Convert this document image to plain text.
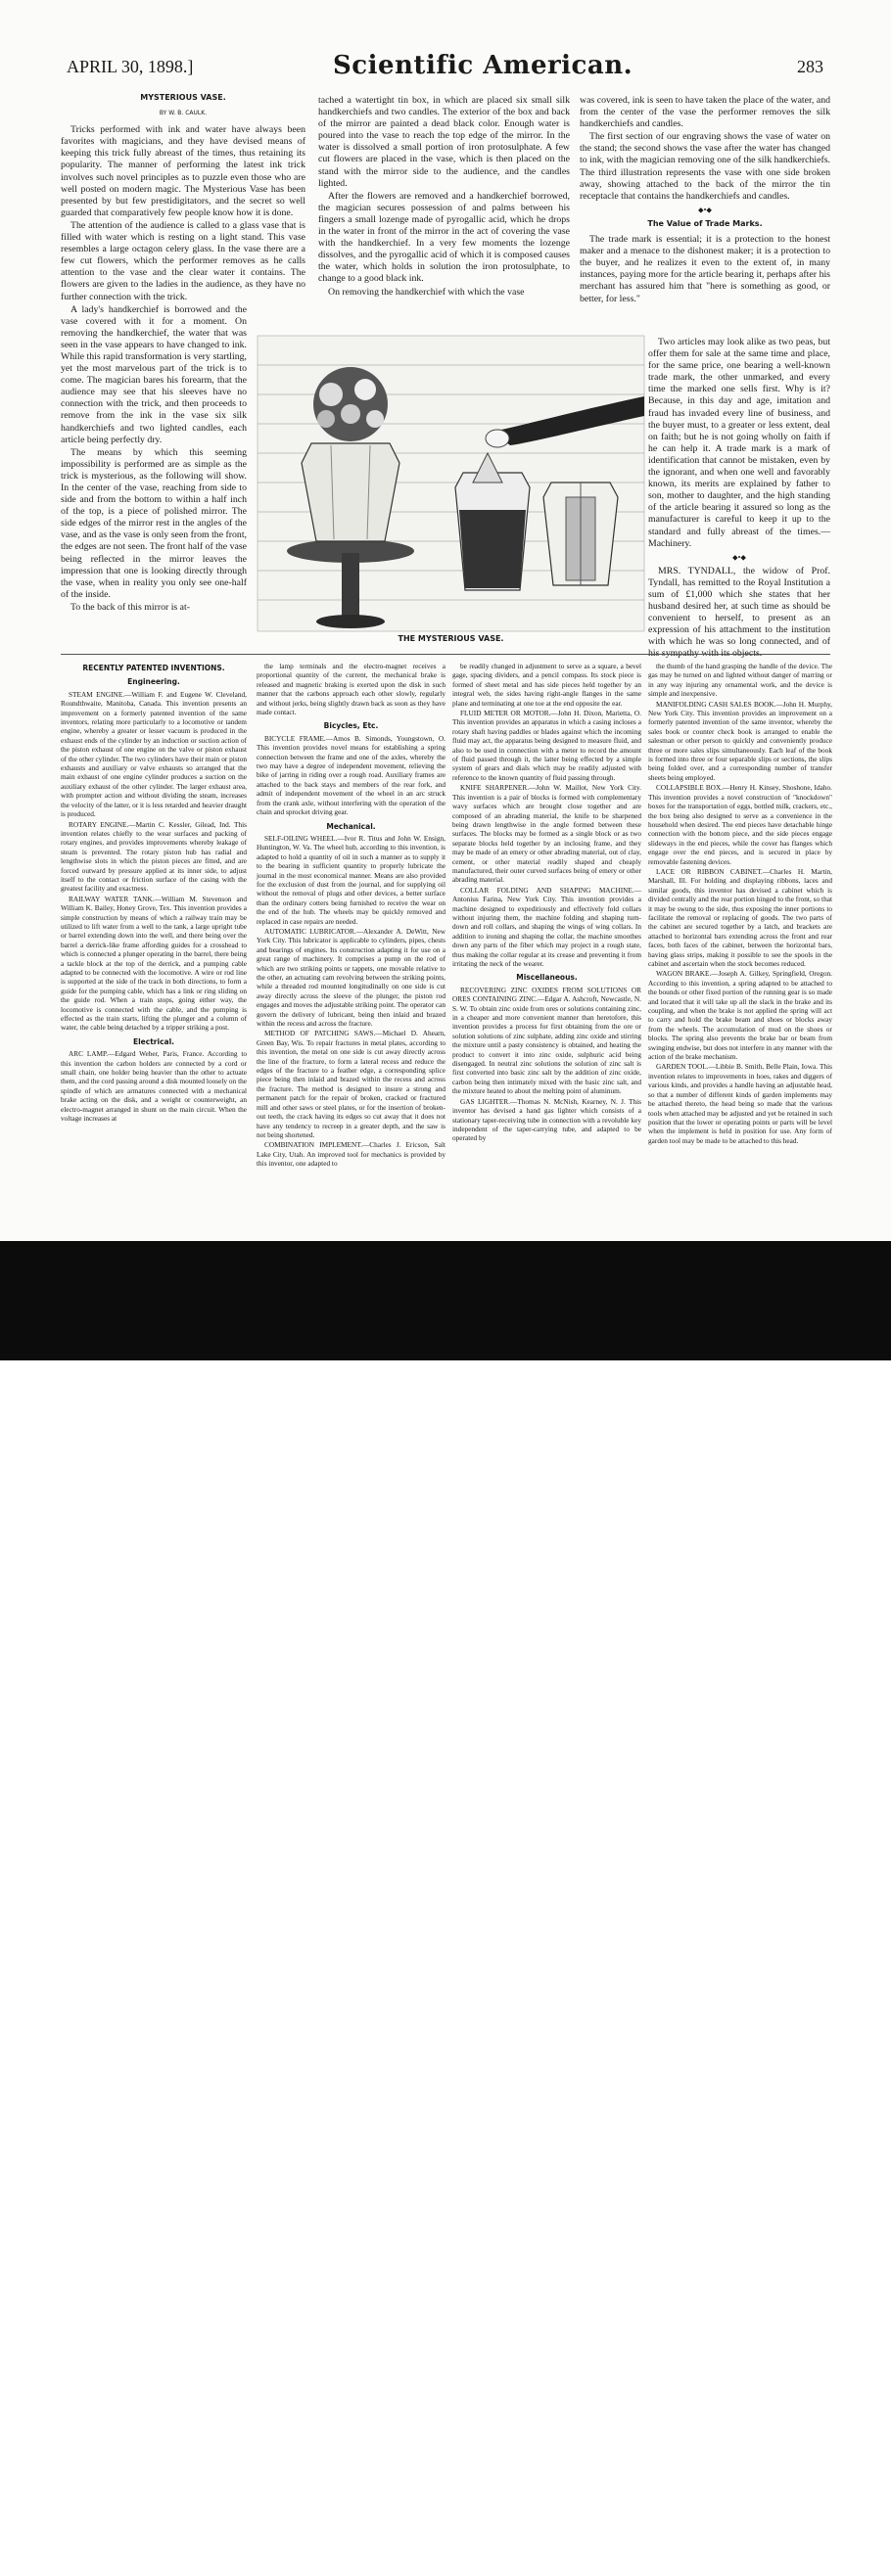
APRIL 30, 1898.]	Scientific American.	283
MYSTERIOUS VASE.
BY W. B. CAULK.

Tricks performed with ink and water have always been favorites with magicians, and they have devised means of keeping this trick fully abreast of the times, thus retaining its popularity. The manner of performing the latest ink trick involves such novel principles as to puzzle even those who are well posted on modern magic. The Mysterious Vase has been presented by but few prestidigitators, and the secret so well guarded that comparatively few people know how it is done.

The attention of the audience is called to a glass vase that is filled with water which is resting on a light stand. This vase resembles a large octagon celery glass. In the vase there are a few cut flowers, which the performer removes as he calls attention to the vase and the clear water it contains. The flowers are given to the ladies in the audience, as they have no further connection with the trick.

A lady's handkerchief is borrowed and the vase covered with it for a moment. On removing the handkerchief, the water that was seen in the vase appears to have changed to ink. While this rapid transformation is very startling, yet the most marvelous part of the trick is to come. The magician bares his forearm, that the audience may see that his sleeves have no connection with the trick, and then proceeds to remove from the ink in the vase six silk handkerchiefs and two lighted candles, each article being perfectly dry.

The means by which this seeming impossibility is performed are as simple as the trick is mysterious, as the following will show. In the center of the vase, reaching from side to side and from the bottom to within a half inch of the top, is a piece of polished mirror. The side edges of the mirror rest in the angles of the vase, and as the vase is only seen from the front, the edges are not seen. The front half of the vase being reflected in the mirror leaves the impression that one is looking directly through the vase, when in reality you only see one-half of the inside.

To the back of this mirror is at-

tached a watertight tin box, in which are placed six small silk handkerchiefs and two candles. The exterior of the box and back of the mirror are painted a dead black color. Enough water is poured into the vase to reach the top edge of the mirror. In the water is dissolved a small portion of iron protosulphate. A few cut flowers are placed in the vase, which is then placed on the stand with the mirror side to the audience, and the candles lighted.

After the flowers are removed and a handkerchief borrowed, the magician secures possession of and palms between his fingers a small lozenge made of pyrogallic acid, which he drops in the water in front of the mirror in the act of covering the vase with the handkerchief. In a very few moments the lozenge dissolves, and the pyrogallic acid of which it is composed causes the water, which holds in solution the iron protosulphate, to change to a good black ink.

On removing the handkerchief with which the vase

was covered, ink is seen to have taken the place of the water, and from the center of the vase the performer removes the silk handkerchiefs and candles.

The first section of our engraving shows the vase of water on the stand; the second shows the vase after the water has changed to ink, with the magician removing one of the silk handkerchiefs. The third illustration represents the vase with one side broken away, showing attached to the back of the mirror the tin receptacle that contains the handkerchiefs and candles.

⬥•⬥
The Value of Trade Marks.

The trade mark is essential; it is a protection to the honest maker and a menace to the dishonest maker; it is a protection to the buyer, and he realizes it even to the extent of, in many instances, paying more for the article bearing it, perhaps after his merchant has assured him that "here is something as good, or better, for less."

Two articles may look alike as two peas, but offer them for sale at the same time and place, for the same price, one bearing a well-known trade mark, the other unmarked, and every time the marked one sells first. Why is it? Because, in this day and age, imitation and fraud has invaded every line of business, and the buyer must, to a greater or less extent, deal on faith; but he is not going wholly on faith if he can help it. A trade mark is a mark of identification that cannot be mistaken, even by the ignorant, and when one well and favorably known, its merits are explained by father to son, mother to daughter, and the high standing of the article bearing it assured so long as the manufacturer is careful to keep it up to the standard and fully abreast of the times.—Machinery.

⬥•⬥

MRS. TYNDALL, the widow of Prof. Tyndall, has remitted to the Royal Institution a sum of £1,000 which she states that her husband desired her, at such time as should be convenient to herself, to present as an expression of his attachment to the institution with which he was so long connected, and of his sympathy with its objects.

THE MYSTERIOUS VASE.
RECENTLY PATENTED INVENTIONS.
Engineering.

STEAM ENGINE.—William F. and Eugene W. Cleveland, Roundthwaite, Manitoba, Canada. This invention presents an improvement on a formerly patented invention of the same inventors, relating more particularly to a locomotive or tandem engine, whereby a greater or lesser vacuum is produced in the exhaust ends of the cylinder by an induction or suction action of the piston exhaust of one engine on the valve or piston exhaust of the other cylinder. The two cylinders have their main or piston exhausts and auxiliary or valve exhausts so arranged that the main exhaust of one engine cylinder produces a suction on the auxiliary exhaust of the other cylinder. The larger exhaust area, with prompter action and without dividing the steam, increases the velocity of the latter, or it is less retarded and heavier draught is produced.

ROTARY ENGINE.—Martin C. Kessler, Gilead, Ind. This invention relates chiefly to the wear surfaces and packing of rotary engines, and provides improvements whereby leakage of steam is prevented. The rotary piston hub has radial and lengthwise slots in which the piston pieces are fitted, and are forced outward by pressure applied at its inner side, to adjust itself to the contact or friction surface of the casing with the greatest facility and exactness.

RAILWAY WATER TANK.—William M. Stevenson and William K. Bailey, Honey Grove, Tex. This invention provides a simple construction by means of which a railway train may be utilized to lift water from a well to the tank, a large upright tube or barrel extending down into the well, and there being over the barrel a derrick-like frame affording guides for a crosshead to which is connected a plunger operating in the barrel, there being a tackle block at the top of the derrick, and a pumping cable adapted to be connected with the locomotive. A wire or rod line is supported at the side of the track in both directions, to form a guide for the pumping cable, which has a link or ring sliding on the guide rod. When a train stops, going either way, the locomotive is connected with the cable, and the pumping is effected as the train starts, lifting the plunger and a column of water, the cable being detached by a tripper striking a post.

Electrical.

ARC LAMP.—Edgard Weber, Paris, France. According to this invention the carbon holders are connected by a cord or small chain, one holder being heavier than the other to actuate them, and the cord passing around a disk mounted loosely on the spindle of which are armatures connected with a mechanical brake acting on the disk, and a weight or counterweight, an electro-magnet arranged in shunt on the main circuit. When the voltage increases at

the lamp terminals and the electro-magnet receives a proportional quantity of the current, the mechanical brake is released and magnetic braking is exerted upon the disk in such manner that the carbons approach each other slowly, regularly and without jerks, being slightly drawn back as soon as they have made contact.

Bicycles, Etc.

BICYCLE FRAME.—Amos B. Simonds, Youngstown, O. This invention provides novel means for establishing a spring connection between the frame and one of the axles, whereby the two may have a degree of independent movement, relieving the bike of jarring in riding over a rough road. Auxiliary frames are attached to the back stays and members of the rear fork, and admit of independent movement of the wheel in an arc struck from the crank axle, without interfering with the operation of the chain and sprocket driving gear.

Mechanical.

SELF-OILING WHEEL.—Ivor R. Titus and John W. Ensign, Huntington, W. Va. The wheel hub, according to this invention, is adapted to hold a quantity of oil in such a manner as to supply it to the bearing in sufficient quantity to properly lubricate the journal in the most economical manner. Means are also provided for the exclusion of dust from the journal, and for supplying oil without the removal of plugs and other devices, a better surface than the ordinary cotters being furnished to receive the wear on the end of the hub. The wheels may be quickly removed and replaced in case repairs are needed.

AUTOMATIC LUBRICATOR.—Alexander A. DeWitt, New York City. This lubricator is applicable to cylinders, pipes, chests and bearings of engines. Its construction adapting it for use on a great range of machinery. It comprises a pump on the rod of which are two striking points or tappets, one movable relative to the other, an actuating cam revolving between the striking points, while a threaded rod mounted longitudinally on one side is cut away directly across the sleeve of the plunger, the piston rod engages and moves the adjustable striking point. The operator can govern the delivery of lubricant, being then inlaid and brazed within the recess and across the fracture.

METHOD OF PATCHING SAWS.—Michael D. Ahearn, Green Bay, Wis. To repair fractures in metal plates, according to this invention, the metal on one side is cut away directly across the line of the fracture, to form a lateral recess and reduce the edges of the fracture to a feather edge, a corresponding splice piece being then inlaid and brazed within the recess and across the fracture. The method is designed to insure a strong and permanent patch for the repair of broken, cracked or fractured mill and other saws or steel plates, or for the insertion of broken-out teeth, the crack having its edges so cut away that it does not have any tendency to recreep in a greater depth, and the saw is not being shortened.

COMBINATION IMPLEMENT.—Charles J. Ericson, Salt Lake City, Utah. An improved tool for mechanics is provided by this inventor, one adapted to

be readily changed in adjustment to serve as a square, a bevel gage, spacing dividers, and a pencil compass. Its stock piece is formed of sheet metal and has side pieces held together by an integral web, the sides having right-angle flanges in the same plane and terminating at one toe at the end opposite the ear.

FLUID METER OR MOTOR.—John H. Dixon, Marietta, O. This invention provides an apparatus in which a casing incloses a rotary shaft having paddles or blades against which the incoming fluid may act, the apparatus being designed to measure fluid, and also to be used in connection with a meter to record the amount of fluid passed through it, the latter being effected by a simple system of gears and dials which may be readily adjusted with reference to the known quantity of fluid passing through.

KNIFE SHARPENER.—John W. Maillot, New York City. This invention is a pair of blocks is formed with complementary wavy surfaces which are brought close together and are composed of an abrading material, the knife to be sharpened being drawn lengthwise in the angle formed between these surfaces. The blocks may be formed as a single block or as two separate blocks held together by an inclosing frame, and they may be made of an emery or other abrading material, out of clay, cement, or other material readily shaped and cheaply manufactured, their outer curved surfaces being of emery or other abrading material.

COLLAR FOLDING AND SHAPING MACHINE.—Antonius Farina, New York City. This invention provides a machine designed to expeditiously and effectively fold collars without injuring them, the machine folding and shaping turn-down and roll collars, and shaping the wings of wing collars. In addition to ironing and shaping the collar, the machine smoothes down any parts of the fiber which may project in a rough state, thus making the collar regular at its crease and preventing it from irritating the neck of the wearer.

Miscellaneous.

RECOVERING ZINC OXIDES FROM SOLUTIONS OR ORES CONTAINING ZINC.—Edgar A. Ashcroft, Newcastle, N. S. W. To obtain zinc oxide from ores or solutions containing zinc, in a cheaper and more convenient manner than heretofore, this invention provides a process for first obtaining from the ore or solution solutions of zinc sulphate, adding zinc oxide and stirring the mixture until a pasty consistency is obtained, and heating the product to convert it into zinc oxide, sulphuric acid being disengaged. In neutral zinc solutions the solution of zinc salt is first converted into basic zinc salt by the addition of zinc oxide, carbon being then intimately mixed with the basic zinc salt, and the mixture heated to about the melting point of aluminum.

GAS LIGHTER.—Thomas N. McNish, Kearney, N. J. This inventor has devised a hand gas lighter which consists of a stationary taper-receiving tube in connection with a revoluble key independent of the taper-carrying tube, and adapted to be operated by

the thumb of the hand grasping the handle of the device. The gas may be turned on and lighted without danger of marring or in any way injuring any ornamental work, and the device is simple and inexpensive.

MANIFOLDING CASH SALES BOOK.—John H. Murphy, New York City. This invention provides an improvement on a formerly patented invention of the same inventor, whereby the sales book or counter check book is arranged to enable the salesman or other person to quickly and conveniently produce three or more sales slips simultaneously. Each leaf of the book is formed into three or four separable slips or sections, the slips being folded over, and a corresponding number of transfer sheets being employed.

COLLAPSIBLE BOX.—Henry H. Kinsey, Shoshone, Idaho. This invention provides a novel construction of "knockdown" boxes for the transportation of eggs, bottled milk, crackers, etc., the box being also designed to serve as a convenience in the household when desired. The end pieces have detachable hinge connection with the bottom piece, and the side pieces engage slideways in the end pieces, while the cover has flanges which engage over the end pieces, and is secured in place by removable fastening devices.

LACE OR RIBBON CABINET.—Charles H. Martin, Marshall, Ill. For holding and displaying ribbons, laces and similar goods, this inventor has devised a cabinet which is divided centrally and the rear portion hinged to the front, so that it may be swung to the side, thus exposing the inner portions to facilitate the removal or replacing of goods. The two parts of the cabinet are secured together by a latch, and brackets are attached to horizontal bars extending across the front and rear faces, both faces of the cabinet, between the horizontal bars, having glass strips, making it possible to see the spools in the cabinet and ascertain when the stock becomes reduced.

WAGON BRAKE.—Joseph A. Gilkey, Springfield, Oregon. According to this invention, a spring adapted to be attached to the bounds or other fixed portion of the running gear is so made and located that it will take up all the slack in the brake and its coupling, and when the brake is not applied the spring will act to carry and hold the brake beam and shoes or blocks away from the wheels. The accumulation of mud on the shoes or blocks. The spring also prevents the brake bar or beam from swinging endwise, but does not interfere in any manner with the action of the brake mechanism.

GARDEN TOOL.—Libbie B. Smith, Belle Plain, Iowa. This invention relates to improvements in hoes, rakes and diggers of various kinds, and provides a handle having an adjustable head, so that a number of different kinds of garden implements may be attached thereto, the head being so made that the various tools when attached may be adjusted and yet be retained in such position that the lower or operating points or parts will be level when the implement is held in position for use. Any form of garden tool may be made to be attached to this head.

alamy	2ABXGTX
www.alamy.com
